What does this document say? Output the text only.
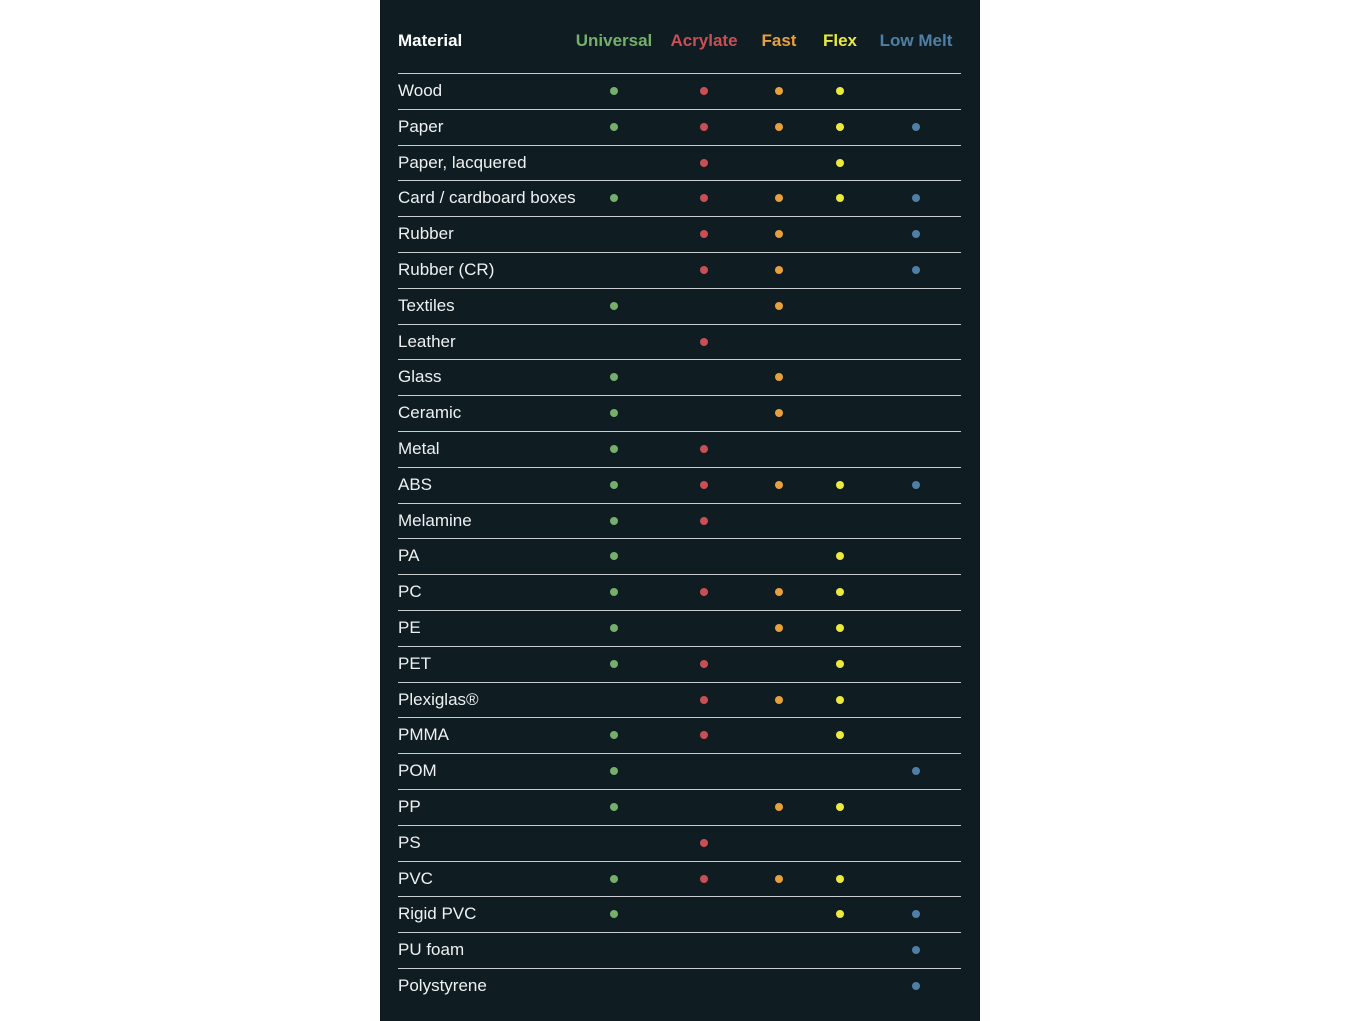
Material	Universal Acrylate Fast Flex Low Melt
Wood
Paper
Paper, lacquered
Card / cardboard boxes
Rubber
Rubber (CR)
Textiles
Leather
Glass
Ceramic
Metal
ABS
Melamine
PA
PC
PE
PET
Plexiglas®
PMMA
POM
PP
PS
PVC
Rigid PVC
PU foam
Polystyrene
